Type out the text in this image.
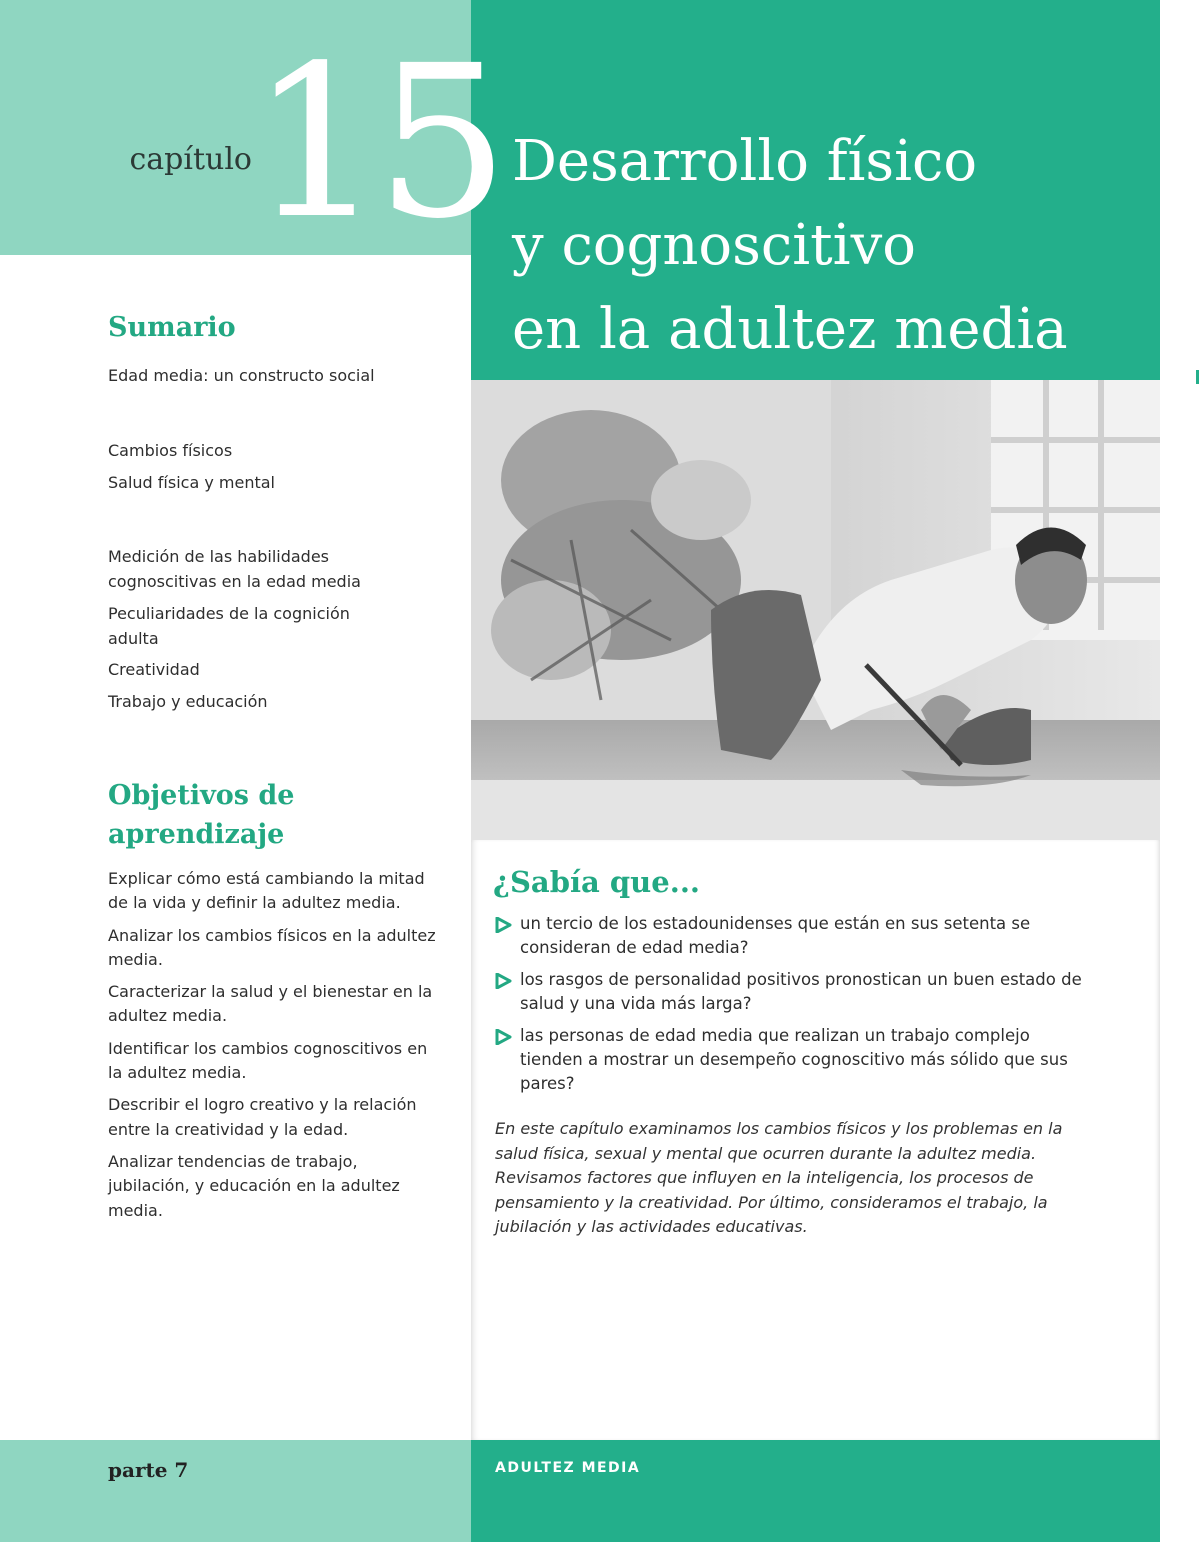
capítulo
15 Desarrollo físico
y cognoscitivo
en la adultez media
Sumario

Edad media: un constructo social

Cambios físicos

Salud física y mental

Medición de las habilidades cognoscitivas en la edad media

Peculiaridades de la cognición adulta

Creatividad

Trabajo y educación

Objetivos de aprendizaje
Explicar cómo está cambiando la mitad de la vida y definir la adultez media.
Analizar los cambios físicos en la adultez media.
Caracterizar la salud y el bienestar en la adultez media.
Identificar los cambios cognoscitivos en la adultez media.
Describir el logro creativo y la relación entre la creatividad y la edad.
Analizar tendencias de trabajo, jubilación, y educación en la adultez media.
¿Sabía que...
un tercio de los estadounidenses que están en sus setenta se consideran de edad media?
los rasgos de personalidad positivos pronostican un buen estado de salud y una vida más larga?
las personas de edad media que realizan un trabajo complejo tienden a mostrar un desempeño cognoscitivo más sólido que sus pares?

En este capítulo examinamos los cambios físicos y los problemas en la salud física, sexual y mental que ocurren durante la adultez media. Revisamos factores que influyen en la inteligencia, los procesos de pensamiento y la creatividad. Por último, consideramos el trabajo, la jubilación y las actividades educativas.

parte 7	ADULTEZ MEDIA
